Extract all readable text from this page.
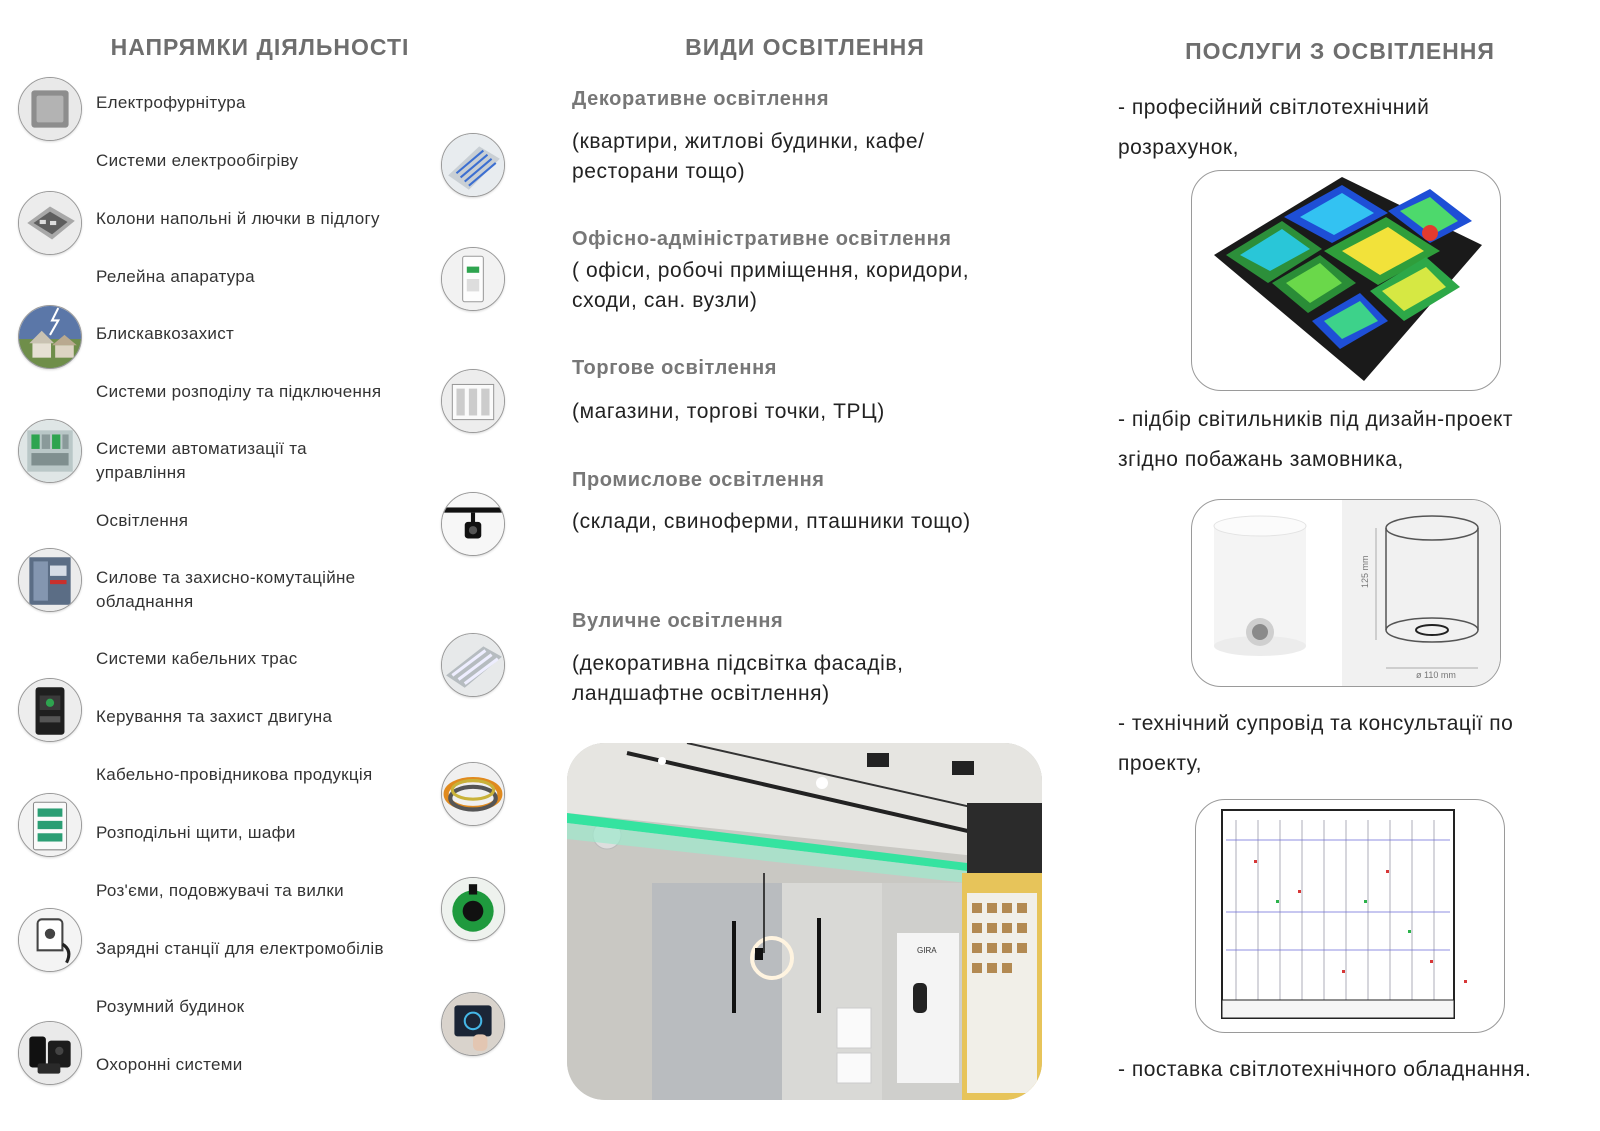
НАПРЯМКИ ДІЯЛЬНОСТІ
Електрофурнітура
Системи електрообігріву
Колони напольні й лючки в підлогу
Релейна апаратура
Блискавкозахист
Системи розподілу та підключення
Системи автоматизації та управління
Освітлення
Силове та захисно-комутаційне обладнання
Системи кабельних трас
Керування та захист двигуна
Кабельно-провідникова продукція
Розподільні щити, шафи
Роз'єми, подовжувачі та вилки
Зарядні станції для електромобілів
Розумний будинок
Охоронні системи
ВИДИ ОСВІТЛЕННЯ
Декоративне освітлення

(квартири, житлові будинки, кафе/ ресторани тощо)

Офісно-адміністративне освітлення

( офіси, робочі приміщення, коридори, сходи, сан. вузли)

Торгове освітлення

(магазини, торгові точки, ТРЦ)

Промислове освітлення

(склади, свиноферми, пташники тощо)

Вуличне освітлення

(декоративна підсвітка фасадів, ландшафтне освітлення)

GIRA
ПОСЛУГИ З ОСВІТЛЕННЯ

- професійний світлотехнічний розрахунок,

- підбір світильників під дизайн-проект згідно побажань замовника,

125 mm
ø 110 mm

- технічний супровід та консультації по проекту,

- поставка світлотехнічного обладнання.
